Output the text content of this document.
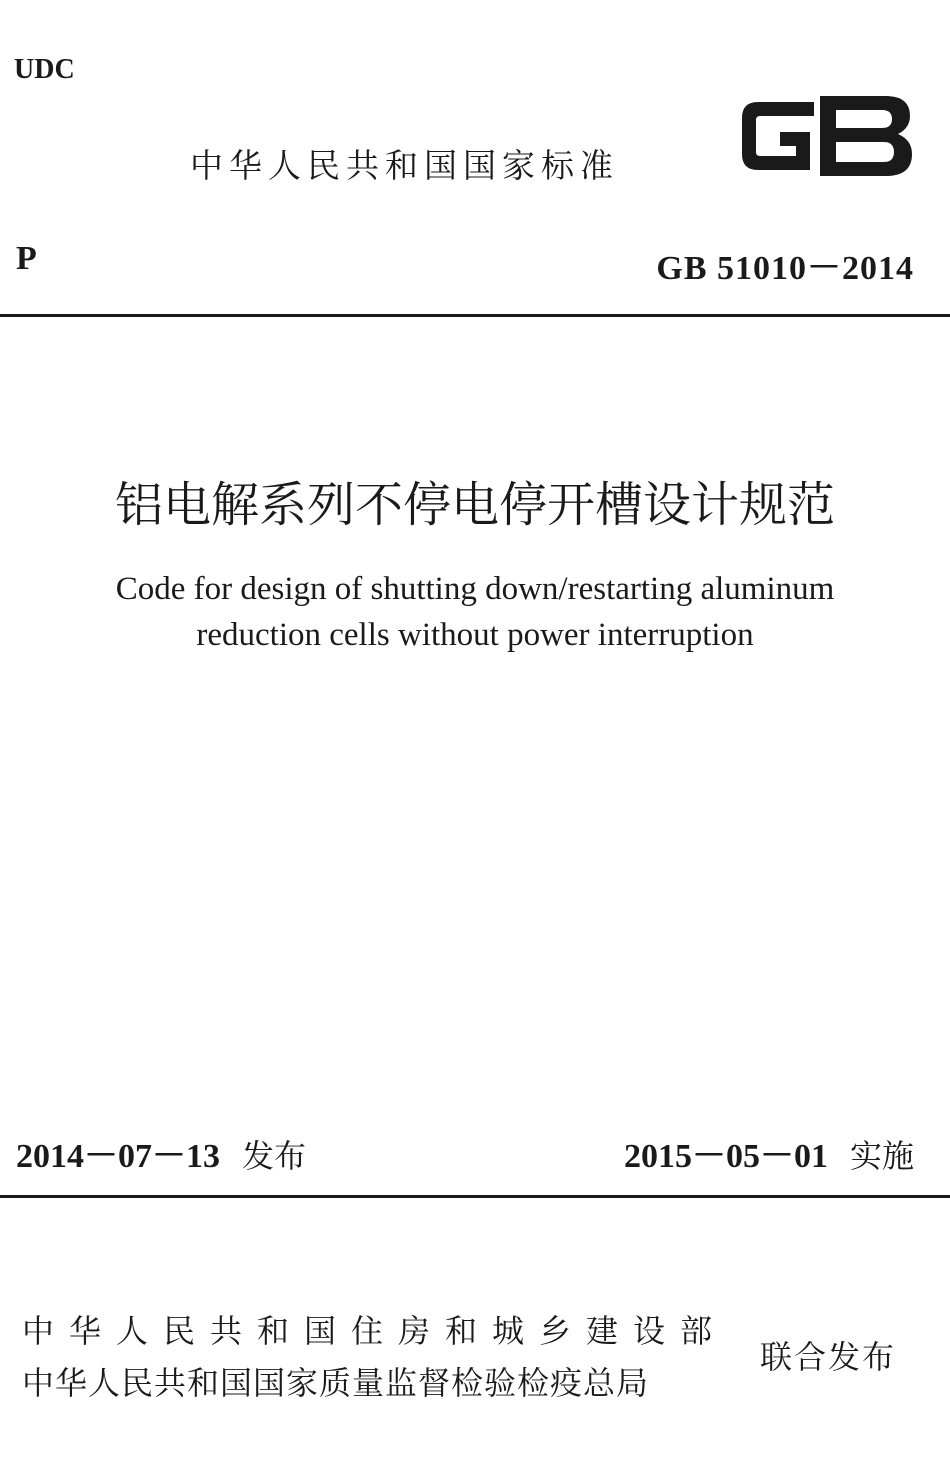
UDC
中华人民共和国国家标准
P	GB 51010－2014
铝电解系列不停电停开槽设计规范
Code for design of shutting down/restarting aluminum
reduction cells without power interruption
2014－07－13 发布	2015－05－01 实施
中华人民共和国住房和城乡建设部
中华人民共和国国家质量监督检验检疫总局
联合发布
